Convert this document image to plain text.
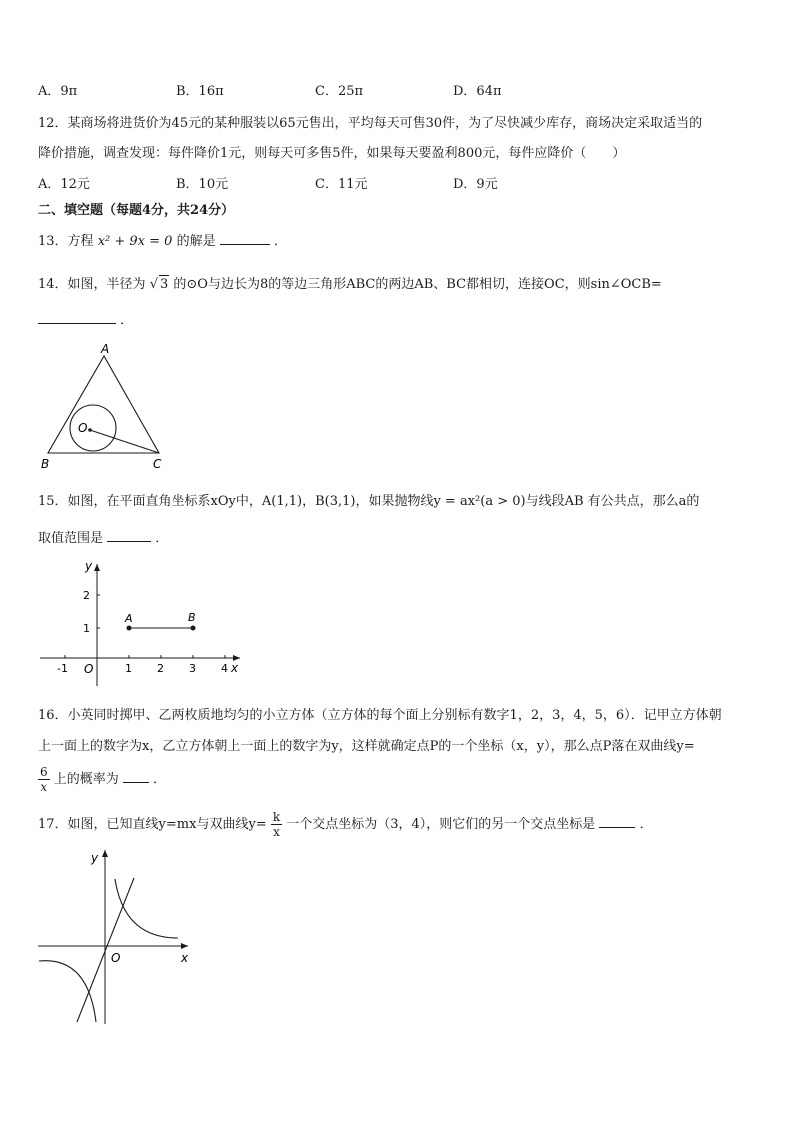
A．9π	B．16π	C．25π	D．64π
12．某商场将进货价为45元的某种服装以65元售出，平均每天可售30件，为了尽快减少库存，商场决定采取适当的
降价措施，调查发现：每件降价1元，则每天可多售5件，如果每天要盈利800元，每件应降价（　　）
A．12元	B．10元	C．11元	D．9元
二、填空题（每题4分，共24分）
13．方程 x² + 9x = 0 的解是	．
14．如图，半径为 √ 3 的⊙O与边长为8的等边三角形ABC的两边AB、BC都相切，连接OC，则sin∠OCB=
．
A
B	C
O
15．如图，在平面直角坐标系xOy中，A(1,1)，B(3,1)，如果抛物线y = ax²(a > 0)与线段AB 有公共点，那么a的
取值范围是	．
-1	1 2 3 4
1
2
O	x
y
A	B
16．小英同时掷甲、乙两枚质地均匀的小立方体（立方体的每个面上分别标有数字1，2，3，4，5，6）．记甲立方体朝
上一面上的数字为x，乙立方体朝上一面上的数字为y，这样就确定点P的一个坐标（x，y），那么点P落在双曲线y=
$\frac{6}{x}$ 上的概率为	．
17．如图，已知直线y=mx与双曲线$y= \frac{k}{x}$ 一个交点坐标为（3，4），则它们的另一个交点坐标是	．
O	x
y
